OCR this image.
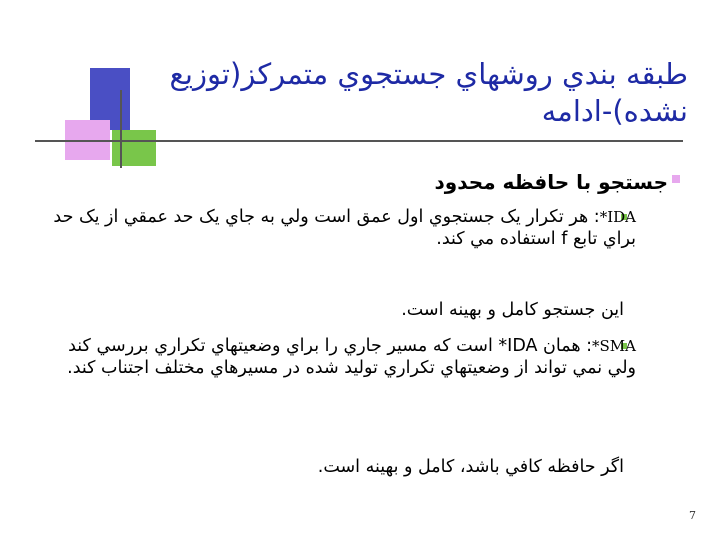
طبقه بندي روشهاي جستجوي متمرکز(توزيع نشده)-ادامه
جستجو با حافظه محدود
IDA*: هر تکرار يک جستجوي اول عمق است ولي به جاي يک حد عمقي از يک حد براي تابع f استفاده مي کند.
اين جستجو کامل و بهينه است.
SMA*: همان IDA* است که مسير جاري را براي وضعيتهاي تکراري بررسي کند ولي نمي تواند از وضعيتهاي تکراري توليد شده در مسيرهاي مختلف اجتناب کند.
اگر حافظه کافي باشد، کامل و بهينه است.
7
